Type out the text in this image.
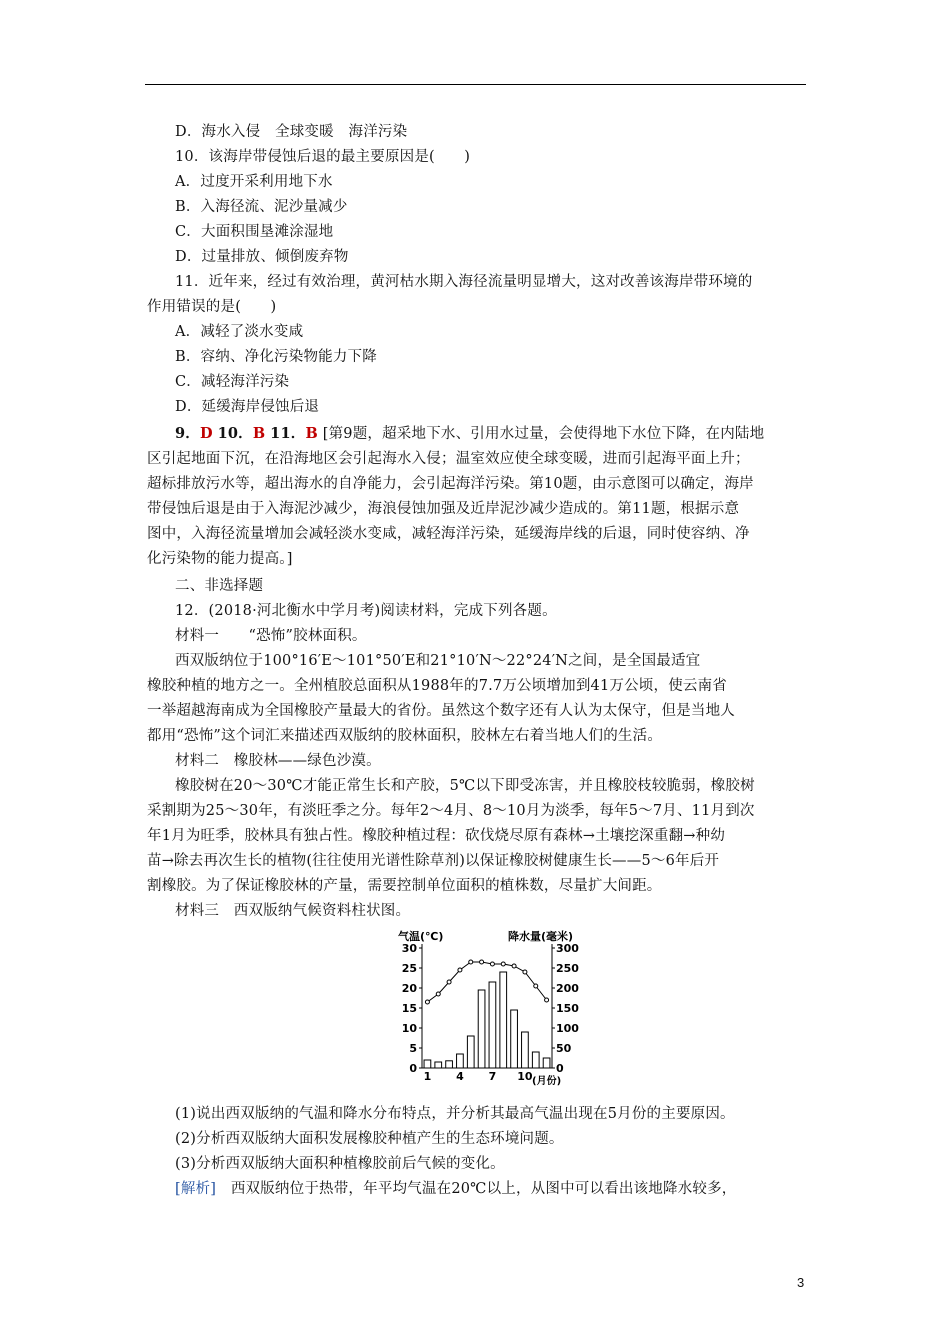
D．海水入侵　全球变暖　海洋污染
10．该海岸带侵蚀后退的最主要原因是(　　)
A．过度开采利用地下水
B．入海径流、泥沙量减少
C．大面积围垦滩涂湿地
D．过量排放、倾倒废弃物
11．近年来，经过有效治理，黄河枯水期入海径流量明显增大，这对改善该海岸带环境的
作用错误的是(　　)
A．减轻了淡水变咸
B．容纳、净化污染物能力下降
C．减轻海洋污染
D．延缓海岸侵蚀后退
9．D 10．B 11．B [第9题，超采地下水、引用水过量，会使得地下水位下降，在内陆地
区引起地面下沉，在沿海地区会引起海水入侵；温室效应使全球变暖，进而引起海平面上升；
超标排放污水等，超出海水的自净能力，会引起海洋污染。第10题，由示意图可以确定，海岸
带侵蚀后退是由于入海泥沙减少，海浪侵蚀加强及近岸泥沙减少造成的。第11题，根据示意
图中，入海径流量增加会减轻淡水变咸，减轻海洋污染，延缓海岸线的后退，同时使容纳、净
化污染物的能力提高。]
二、非选择题
12．(2018·河北衡水中学月考)阅读材料，完成下列各题。
材料一　　“恐怖”胶林面积。
西双版纳位于100°16′E～101°50′E和21°10′N～22°24′N之间，是全国最适宜
橡胶种植的地方之一。全州植胶总面积从1988年的7.7万公顷增加到41万公顷，使云南省
一举超越海南成为全国橡胶产量最大的省份。虽然这个数字还有人认为太保守，但是当地人
都用“恐怖”这个词汇来描述西双版纳的胶林面积，胶林左右着当地人们的生活。
材料二　橡胶林——绿色沙漠。
橡胶树在20～30℃才能正常生长和产胶，5℃以下即受冻害，并且橡胶枝较脆弱，橡胶树
采割期为25～30年，有淡旺季之分。每年2～4月、8～10月为淡季，每年5～7月、11月到次
年1月为旺季，胶林具有独占性。橡胶种植过程：砍伐烧尽原有森林→土壤挖深重翻→种幼
苗→除去再次生长的植物(往往使用光谱性除草剂)以保证橡胶树健康生长——5～6年后开
割橡胶。为了保证橡胶林的产量，需要控制单位面积的植株数，尽量扩大间距。
材料三　西双版纳气候资料柱状图。
气温(℃)	降水量(毫米)
(月份)
0
5
10
15
20
25
30
0
50
100
150
200
250
300
1 4 7 10
(1)说出西双版纳的气温和降水分布特点，并分析其最高气温出现在5月份的主要原因。
(2)分析西双版纳大面积发展橡胶种植产生的生态环境问题。
(3)分析西双版纳大面积种植橡胶前后气候的变化。
[解析]　西双版纳位于热带，年平均气温在20℃以上，从图中可以看出该地降水较多，
3
